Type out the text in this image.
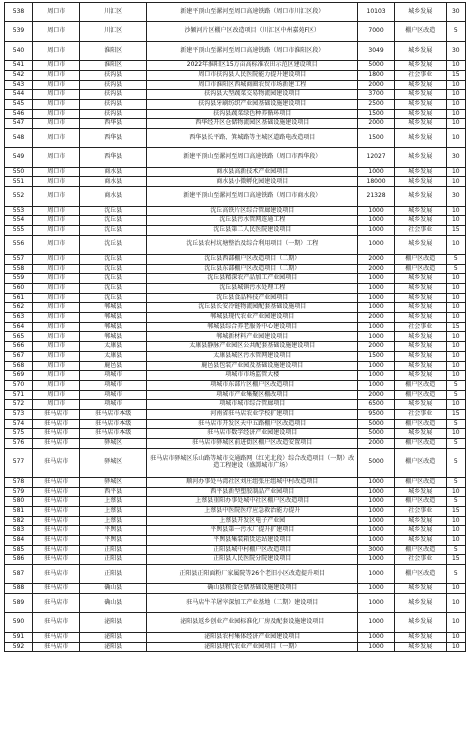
538	周口市	川汇区	新建平顶山至漯河至周口高速铁路（周口市川汇区段）	10103	城乡发展	30
539	周口市	川汇区	沙颍河片区棚户区改造项目（川汇区中州嘉苑F区）	7000	棚户区改造	5
540	周口市	淮阳区	新建平顶山至漯河至周口高速铁路（周口市淮阳区段）	3049	城乡发展	30
541	周口市	淮阳区	2022年淮阳区15万亩高标准农田示范区建设项目	5000	城乡发展	10
542	周口市	扶沟县	周口市扶沟县人民医院能力提升建设项目	1800	社会事业	15
543	周口市	扶沟县	周口市淮阳区西城商圈农贸市场新建工程	2000	城乡发展	10
544	周口市	扶沟县	扶沟县大型蔬菜交易物流园建设项目	3700	城乡发展	10
545	周口市	扶沟县	扶沟县牙刷纺织产业园基础设施建设项目	2500	城乡发展	10
546	周口市	扶沟县	扶沟县蔬菜绿色种养循环项目	1500	城乡发展	10
547	周口市	西华县	西华经开区仓储物流园区基础设施建设项目	2000	城乡发展	10
548	周口市	西华县	西华县长平路、箕城路等主城区道路电改造项目	1500	城乡发展	10
549	周口市	西华县	新建平顶山至漯河至周口高速铁路（周口市西华段）	12027	城乡发展	30
550	周口市	商水县	商水县高新技术产业园项目	1000	城乡发展	10
551	周口市	商水县	商水县小微孵化园建设项目	18000	城乡发展	10
552	周口市	商水县	新建平顶山至漯河至周口高速铁路（周口市商水段）	21328	城乡发展	30
553	周口市	沈丘县	沈丘高铁片区综合管廊建设项目	1000	城乡发展	10
554	周口市	沈丘县	沈丘县污水管网连通工程	1000	城乡发展	10
555	周口市	沈丘县	沈丘县第二人民医院建设项目	1000	社会事业	15
556	周口市	沈丘县	沈丘县农村坑塘整治及综合利用项目（一期）工程	1000	城乡发展	10
557	周口市	沈丘县	沈丘县西部棚户区改造项目（二期）	2000	棚户区改造	5
558	周口市	沈丘县	沈丘县东部棚户区改造项目（二期）	2000	棚户区改造	5
559	周口市	沈丘县	沈丘县精深农产品加工产业园项目	1000	城乡发展	10
560	周口市	沈丘县	沈丘县城镇污水处理工程	1000	城乡发展	10
561	周口市	沈丘县	沈丘县食品科技产业园项目	1000	城乡发展	10
562	周口市	郸城县	沈丘县长安冷链物流园配套基础设施项目	1000	城乡发展	10
563	周口市	郸城县	郸城县现代农业产业园建设项目	2000	城乡发展	10
564	周口市	郸城县	郸城县综合养老服务中心建设项目	1000	社会事业	15
565	周口市	郸城县	郸城新材料产业园建设项目	1000	城乡发展	10
566	周口市	太康县	太康县静脉产业园区公共配套基础设施建设项目	2000	城乡发展	10
567	周口市	太康县	太康县城区污水管网建设项目	1500	城乡发展	10
568	周口市	鹿邑县	鹿邑县包装产业园及基础设施建设项目	1000	城乡发展	10
569	周口市	项城市	项城市市场监管大楼	1000	城乡发展	10
570	周口市	项城市	项城市东部片区棚户区改造项目	1000	棚户区改造	5
571	周口市	项城市	项城市产业集聚区棚改项目	2000	棚户区改造	5
572	周口市	项城市	项城市城市综合管廊项目	6500	城乡发展	10
573	驻马店市	驻马店市本级	河南省驻马店农业学校扩建项目	9500	社会事业	15
574	驻马店市	驻马店市本级	驻马店市开发区天中五路棚户区改造项目	5000	棚户区改造	5
575	驻马店市	驻马店市本级	驻马店市数字经济产业园建设项目	5000	城乡发展	10
576	驻马店市	驿城区	驻马店市驿城区前进街区棚户区改造安置项目	2000	棚户区改造	5
577	驻马店市	驿城区	驻马店市驿城区乐山路等城市交通路网（红光北段）综合改造项目（一期）改造工程建设（盛譚城市广场）	5000	棚户区改造	5
578	驻马店市	驿城区	顺河办事处马湾社区刘庄组张庄组城中村改造项目	1000	棚户区改造	5
579	驻马店市	西平县	西平县新型塑胶制品产业园项目	1000	城乡发展	10
580	驻马店市	上蔡县	上蔡县重阳办事处城中社区棚户区改造项目	1000	棚户区改造	5
581	驻马店市	上蔡县	上蔡县中医院医疗应急救治能力提升	1000	社会事业	15
582	驻马店市	上蔡县	上蔡县开发区电子产业园	1000	城乡发展	10
583	驻马店市	平舆县	平舆县第一污水厂提升扩建项目	1000	城乡发展	10
584	驻马店市	平舆县	平舆县集装箱货运站建设项目	1000	城乡发展	10
585	驻马店市	正阳县	正阳县城中村棚户区改造项目	3000	棚户区改造	5
586	驻马店市	正阳县	正阳县人民医院分院建设项目	1000	社会事业	15
587	驻马店市	正阳县	正阳县正阳面粉厂家属院等26个老旧小区改造提升项目	1000	棚户区改造	5
588	驻马店市	确山县	确山县粮食仓储基础设施建设项目	1000	城乡发展	10
589	驻马店市	确山县	驻马店牛羊屠宰深加工产业基地（二期）建设项目	1000	城乡发展	10
590	驻马店市	泌阳县	泌阳县返乡创业产业园标准化厂房及配套设施建设项目	1000	城乡发展	10
591	驻马店市	泌阳县	泌阳县农村集体经济产业园建设项目	1000	城乡发展	10
592	驻马店市	泌阳县	泌阳县现代农业产业园项目（一期）	1000	城乡发展	10
